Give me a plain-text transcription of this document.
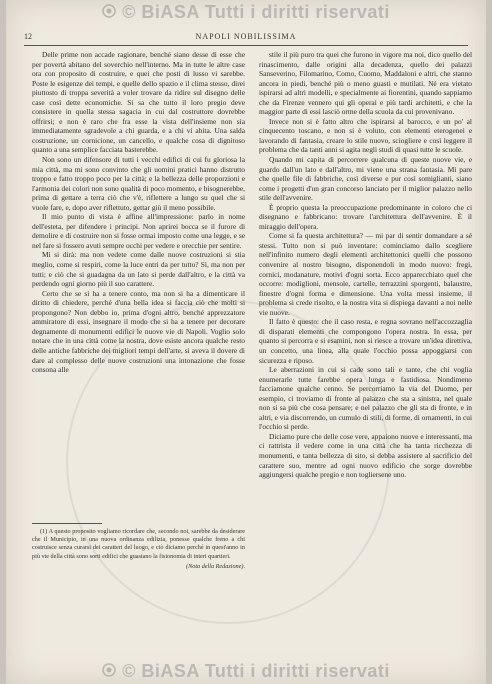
12	NAPOLI NOBILISSIMA

Delle prime non accade ragionare, benché siano desse di esse che per povertà abitano del soverchio nell'interno. Ma in tutte le altre case ora con proposito di costruire, e quei che posti di lusso vi sarebbe. Poste le esigenze dei tempi, e quelle dello spazio e il clima stesso, direi piuttosto di troppa severità a voler trovare da ridire sul disegno delle case così dette economiche. Si sa che tutto il loro pregio deve consistere in quella stessa sagacia in cui dal costruttore dovrebbe offrirsi; e non è raro che fra esse la vista dell'insieme non sia immediatamente sgradevole a chi guarda, e a chi vi abita. Una salda costruzione, un cornicione, un cancello, e qualche cosa di dignitoso quanto a una semplice facciata basterebbe.

Non sono un difensore di tutti i vecchi edifici di cui fu gloriosa la mia città, ma mi sono convinto che gli uomini pratici hanno distrutto troppo e fatto troppo poco per la città; e la bellezza delle proporzioni e l'armonia dei colori non sono qualità di poco momento, e bisognerebbe, prima di gettare a terra ciò che v'è, riflettere a lungo su quel che si vuole fare, e, dopo aver riflettuto, gettar giù il meno possibile.

Il mio punto di vista è affine all'impressione: parlo in nome dell'esteta, per difendere i principi. Non aprirei bocca se il furore di demolire e di costruire non si fosse ormai imposto come una legge, e se nel fare si fossero avuti sempre occhi per vedere e orecchie per sentire.

Mi si dirà: ma non vedete come dalle nuove costruzioni si stia meglio, come si respiri, come la luce entri da per tutto? Sì, ma non per tutti; e ciò che si guadagna da un lato si perde dall'altro, e la città va perdendo ogni giorno più il suo carattere.

Certo che se si ha a tenere conto, ma non si ha a dimenticare il diritto di chiedere, perché d'una bella idea si faccia ciò che molti si propongono? Non debbo io, prima d'ogni altro, benché apprezzatore ammiratore di essi, insegnare il modo che si ha a tenere per decorare degnamente di monumenti edifici le nuove vie di Napoli. Voglio solo notare che in una città come la nostra, dove esiste ancora qualche resto delle antiche fabbriche dei migliori tempi dell'arte, si aveva il dovere di dare al complesso delle nuove costruzioni una intonazione che fosse consona alle

(1) A questo proposito vogliamo ricordare che, secondo noi, sarebbe da desiderare che il Municipio, in una nuova ordinanza edilizia, ponesse qualche freno a chi costruisce senza curarsi dei caratteri del luogo, e ciò diciamo perché in quest'anno in più vie della città sono sorti edifici che guastano la fisionomia di interi quartieri.

(Nota della Redazione).

stile il più puro tra quei che furono in vigore ma noi, dico quello del rinascimento, dalle origini alla decadenza, quello dei palazzi Sanseverino, Filomarino, Como, Cuomo, Maddaloni e altri, che stanno ancora in piedi, benché più o meno guasti e mutilati. Né era vietato ispirarsi ad altri modelli, e specialmente ai fiorentini, quando sappiamo che da Firenze vennero qui gli operai e più tardi architetti, e che la maggior parte di essi lasciò orme della scuola da cui provenivano.

Invece non si è fatto altro che ispirarsi al barocco, e un po' al cinquecento toscano, e non si è voluto, con elementi eterogenei e lavorando di fantasia, creare lo stile nuovo, sciogliere e così leggere il problema che da tanti anni si agita negli studi di quasi tutte le scuole.

Quando mi capita di percorrere qualcuna di queste nuove vie, e guardo dall'un lato e dall'altro, mi viene una strana fantasia. Mi pare che quelle file di fabbriche, così diverse e pur così somiglianti, siano come i progetti d'un gran concorso lanciato per il miglior palazzo nello stile dell'avvenire.

È proprio questa la preoccupazione predominante in coloro che ci disegnano e fabbricano: trovare l'architettura dell'avvenire. È il miraggio dell'opera.

Come si fa questa architettura? — mi par di sentir domandare a sé stessi. Tutto non si può inventare: cominciamo dallo scegliere nell'infinito numero degli elementi architettonici quelli che possono convenire al nostro bisogno, disponendoli in modo nuovo: fregi, cornici, modanature, motivi d'ogni sorta. Ecco apparecchiato quel che occorre: modiglioni, mensole, cartelle, terrazzini sporgenti, balaustre, finestre d'ogni forma e dimensione. Una volta messi insieme, il problema si crede risolto, e la nostra vita si dispiega davanti a noi nelle vie nuove.

Il fatto è questo: che il caso resta, e regna sovrano nell'accozzaglia di disparati elementi che compongono l'opera nostra. In essa, per quanto si percorra e si esamini, non si riesce a trovare un'idea direttiva, un concetto, una linea, alla quale l'occhio possa appoggiarsi con sicurezza e riposo.

Le aberrazioni in cui si cade sono tali e tante, che chi voglia enumerarle tutte farebbe opera lunga e fastidiosa. Nondimeno facciamone qualche cenno. Se percorriamo la via del Duomo, per esempio, ci troviamo di fronte al palazzo che sta a sinistra, nel quale non si sa più che cosa pensare; e nel palazzo che gli sta di fronte, e in altri, e via discorrendo, un cumulo di stili, di forme, di ornamenti, in cui l'occhio si perde.

Diciamo pure che delle cose vere, appaiono nuove e interessanti, ma ci rattrista il vedere come in una città che ha tanta ricchezza di monumenti, e tanta bellezza di sito, si debba assistere al sacrificio del carattere suo, mentre ad ogni nuovo edificio che sorge dovrebbe aggiungersi qualche pregio e non togliersene uno.

© BiASA Tutti i diritti riservati
© BiASA Tutti i diritti riservati
